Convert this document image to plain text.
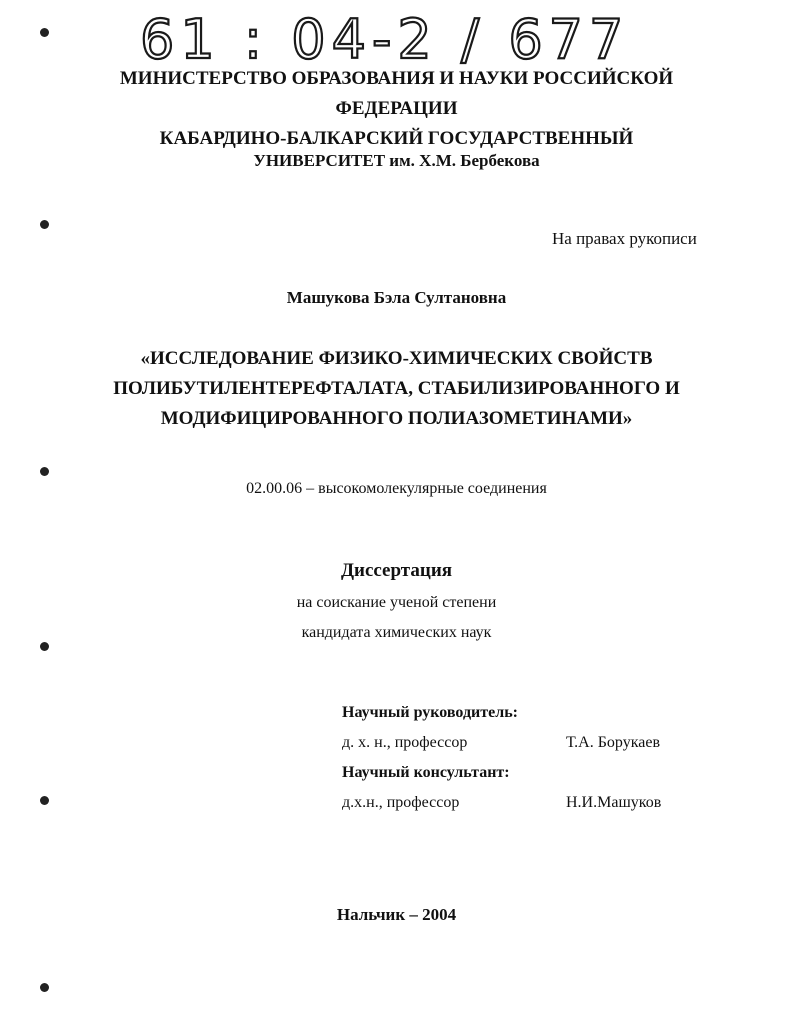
61 : 04-2 / 677
МИНИСТЕРСТВО ОБРАЗОВАНИЯ И НАУКИ РОССИЙСКОЙ
ФЕДЕРАЦИИ
КАБАРДИНО-БАЛКАРСКИЙ ГОСУДАРСТВЕННЫЙ
УНИВЕРСИТЕТ им. Х.М. Бербекова
На правах рукописи
Машукова Бэла Султановна
«ИССЛЕДОВАНИЕ ФИЗИКО-ХИМИЧЕСКИХ СВОЙСТВ
ПОЛИБУТИЛЕНТЕРЕФТАЛАТА, СТАБИЛИЗИРОВАННОГО И
МОДИФИЦИРОВАННОГО ПОЛИАЗОМЕТИНАМИ»
02.00.06 – высокомолекулярные соединения
Диссертация
на соискание ученой степени
кандидата химических наук
Научный руководитель:
д. х. н., профессор	Т.А. Борукаев
Научный консультант:
д.х.н., профессор	Н.И.Машуков
Нальчик – 2004
